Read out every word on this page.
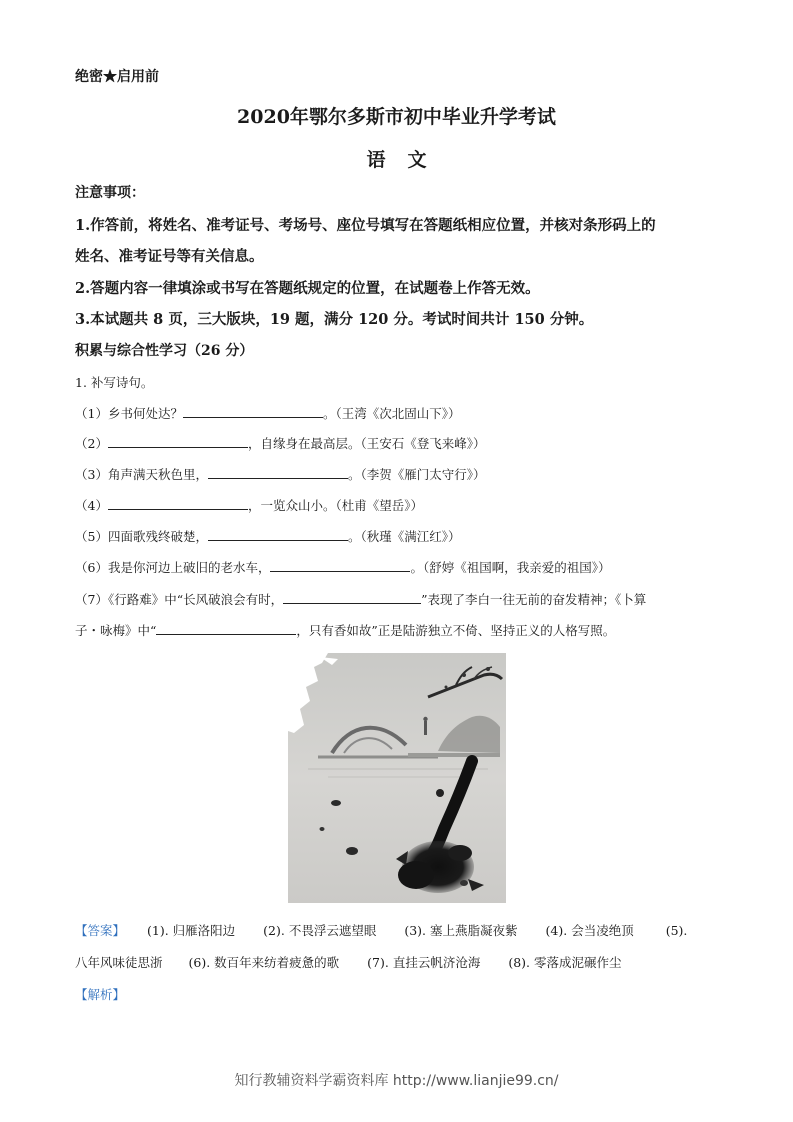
绝密★启用前
2020年鄂尔多斯市初中毕业升学考试
语文
注意事项：
1.作答前，将姓名、准考证号、考场号、座位号填写在答题纸相应位置，并核对条形码上的
姓名、准考证号等有关信息。
2.答题内容一律填涂或书写在答题纸规定的位置，在试题卷上作答无效。
3.本试题共 8 页，三大版块，19 题，满分 120 分。考试时间共计 150 分钟。
积累与综合性学习（26 分）
1. 补写诗句。
（1）乡书何处达？	。（王湾《次北固山下》）
（2）	，自缘身在最高层。（王安石《登飞来峰》）
（3）角声满天秋色里，	。（李贺《雁门太守行》）
（4）	，一览众山小。（杜甫《望岳》）
（5）四面歌残终破楚，	。（秋瑾《满江红》）
（6）我是你河边上破旧的老水车，	。（舒婷《祖国啊，我亲爱的祖国》）
（7）《行路难》中“长风破浪会有时，	”表现了李白一往无前的奋发精神；《卜算
子・咏梅》中“	，只有香如故”正是陆游独立不倚、坚持正义的人格写照。
【答案】 (1). 归雁洛阳边 (2). 不畏浮云遮望眼 (3). 塞上燕脂凝夜紫 (4). 会当凌绝顶	(5).
八年风味徒思浙 (6). 数百年来纺着疲惫的歌 (7). 直挂云帆济沧海 (8). 零落成泥碾作尘
【解析】
知行教辅资料学霸资料库 http://www.lianjie99.cn/
